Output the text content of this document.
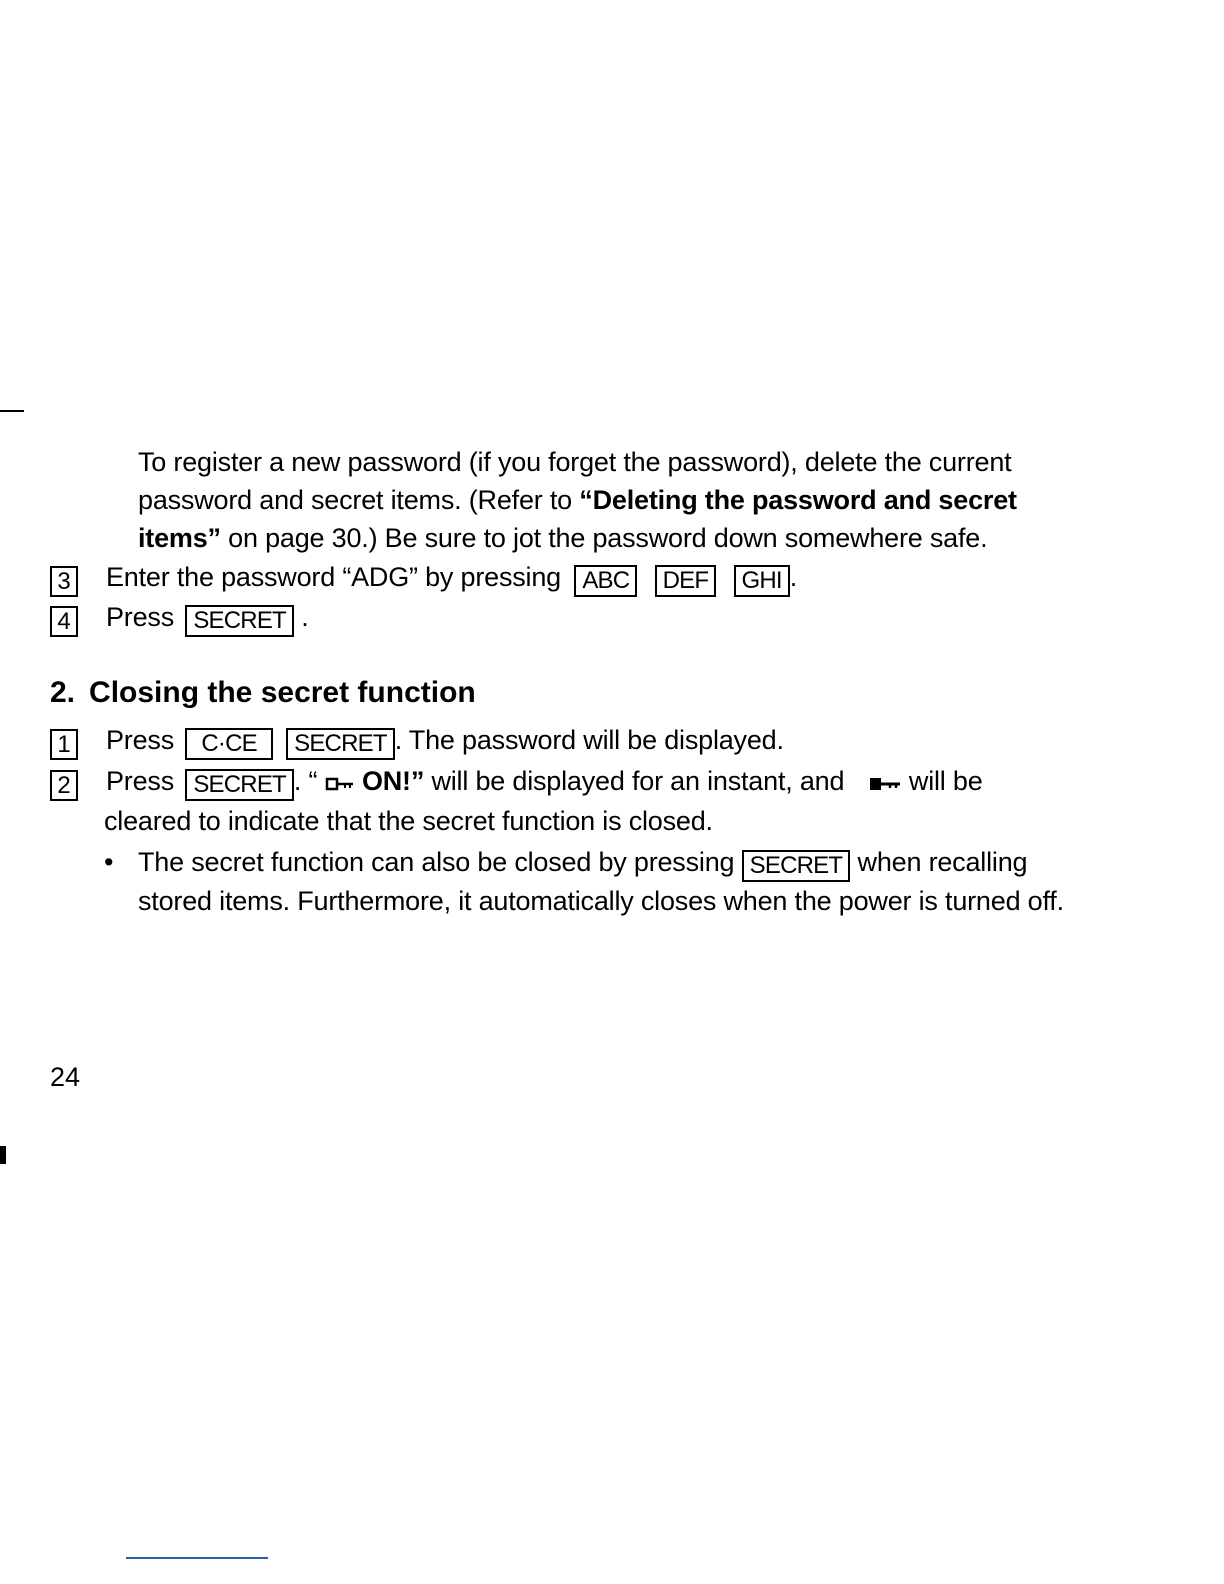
To register a new password (if you forget the password), delete the current password and secret items. (Refer to “Deleting the password and secret items” on page 30.) Be sure to jot the password down somewhere safe.

3 Enter the password “ADG” by pressing ABC DEF GHI .
4 Press SECRET .
2. Closing the secret function
1 Press C·CE SECRET . The password will be displayed.
2 Press SECRET . “ ON!” will be displayed for an instant, and  will be
cleared to indicate that the secret function is closed.
• The secret function can also be closed by pressing SECRET when recalling stored items. Furthermore, it automatically closes when the power is turned off.
24
